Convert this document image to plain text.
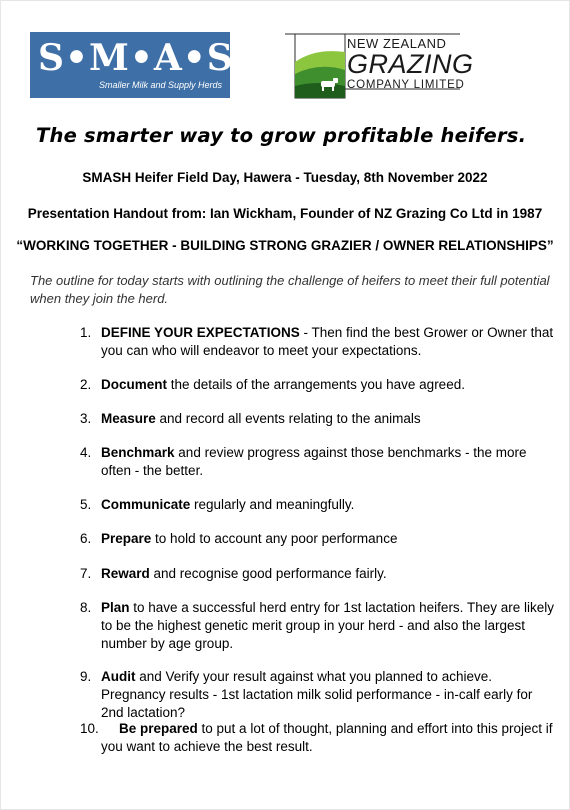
S•M•A•S•H
Smaller Milk and Supply Herds
NEW ZEALAND
GRAZING
COMPANY LIMITED
The smarter way to grow profitable heifers.
SMASH Heifer Field Day, Hawera - Tuesday, 8th November 2022
Presentation Handout from: Ian Wickham, Founder of NZ Grazing Co Ltd in 1987
“WORKING TOGETHER - BUILDING STRONG GRAZIER / OWNER RELATIONSHIPS”
The outline for today starts with outlining the challenge of heifers to meet their full potential when they join the herd.
1. DEFINE YOUR EXPECTATIONS - Then find the best Grower or Owner that you can who will endeavor to meet your expectations.
2. Document the details of the arrangements you have agreed.
3. Measure and record all events relating to the animals
4. Benchmark and review progress against those benchmarks - the more often - the better.
5. Communicate regularly and meaningfully.
6. Prepare to hold to account any poor performance
7. Reward and recognise good performance fairly.
8. Plan to have a successful herd entry for 1st lactation heifers. They are likely to be the highest genetic merit group in your herd - and also the largest number by age group.
9. Audit and Verify your result against what you planned to achieve. Pregnancy results - 1st lactation milk solid performance - in-calf early for 2nd lactation?
10.	Be prepared to put a lot of thought, planning and effort into this project if you want to achieve the best result.
